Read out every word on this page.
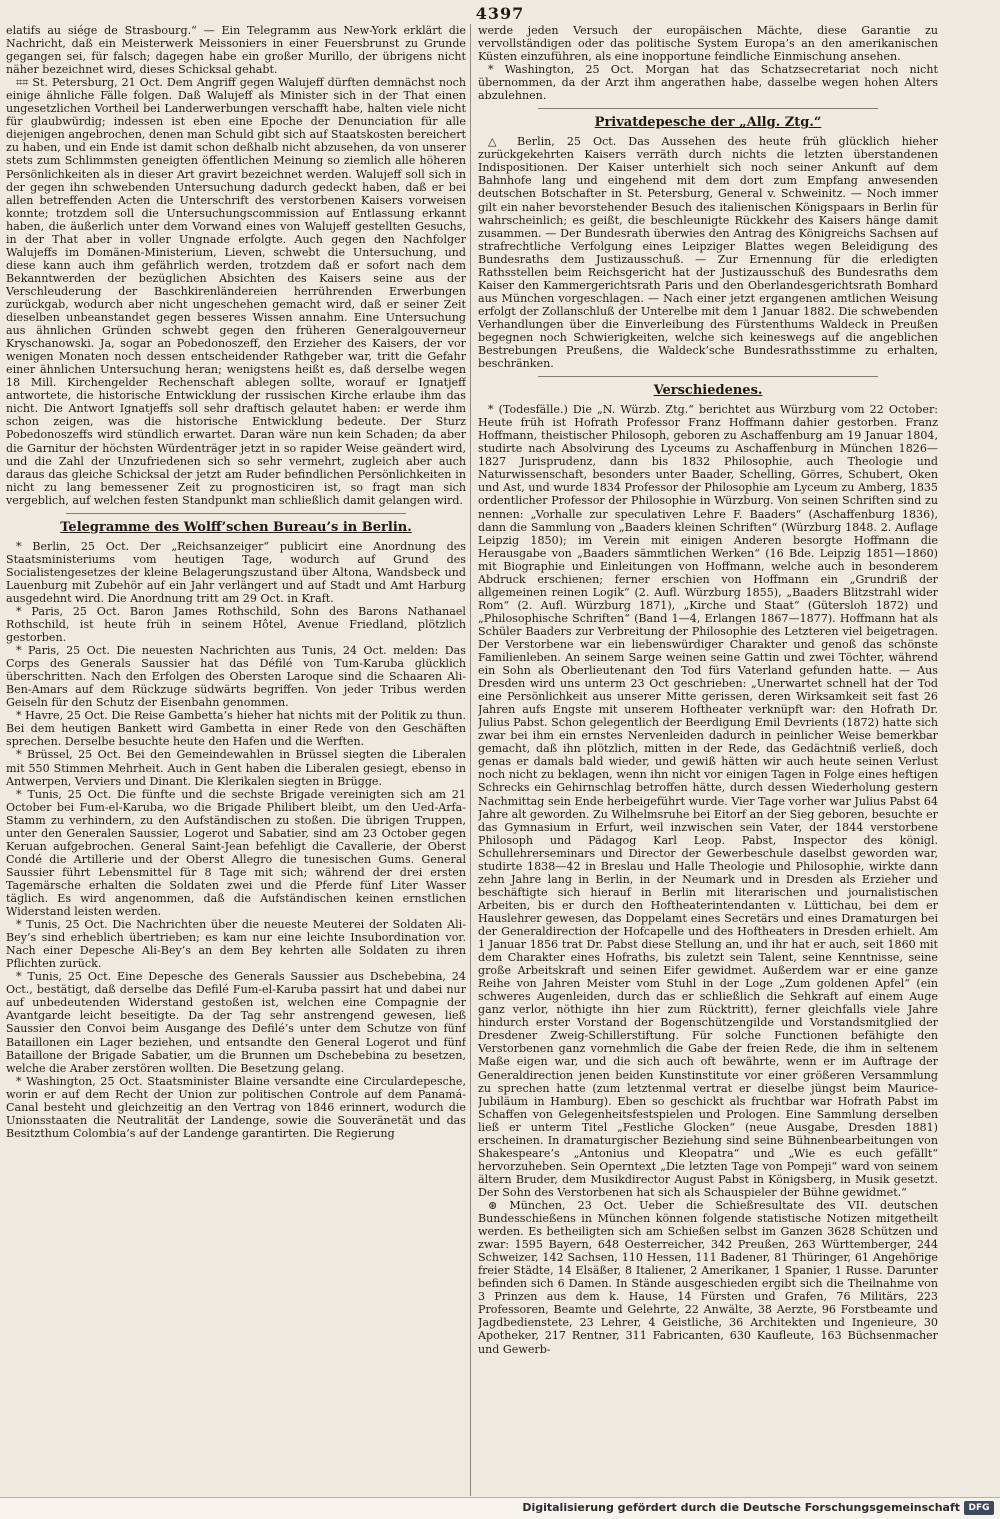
4397

elatifs au siége de Strasbourg.“ — Ein Telegramm aus New-York erklärt die Nachricht, daß ein Meisterwerk Meissoniers in einer Feuersbrunst zu Grunde gegangen sei, für falsch; dagegen habe ein großer Murillo, der übrigens nicht näher bezeichnet wird, dieses Schicksal gehabt.

⌗⌗ St. Petersburg, 21 Oct. Dem Angriff gegen Walujeff dürften demnächst noch einige ähnliche Fälle folgen. Daß Walujeff als Minister sich in der That einen ungesetzlichen Vortheil bei Landerwerbungen verschafft habe, halten viele nicht für glaubwürdig; indessen ist eben eine Epoche der Denunciation für alle diejenigen angebrochen, denen man Schuld gibt sich auf Staatskosten bereichert zu haben, und ein Ende ist damit schon deßhalb nicht abzusehen, da von unserer stets zum Schlimmsten geneigten öffentlichen Meinung so ziemlich alle höheren Persönlichkeiten als in dieser Art gravirt bezeichnet werden. Walujeff soll sich in der gegen ihn schwebenden Untersuchung dadurch gedeckt haben, daß er bei allen betreffenden Acten die Unterschrift des verstorbenen Kaisers vorweisen konnte; trotzdem soll die Untersuchungscommission auf Entlassung erkannt haben, die äußerlich unter dem Vorwand eines von Walujeff gestellten Gesuchs, in der That aber in voller Ungnade erfolgte. Auch gegen den Nachfolger Walujeffs im Domänen-Ministerium, Lieven, schwebt die Untersuchung, und diese kann auch ihm gefährlich werden, trotzdem daß er sofort nach dem Bekanntwerden der bezüglichen Absichten des Kaisers seine aus der Verschleuderung der Baschkirenländereien herrührenden Erwerbungen zurückgab, wodurch aber nicht ungeschehen gemacht wird, daß er seiner Zeit dieselben unbeanstandet gegen besseres Wissen annahm. Eine Untersuchung aus ähnlichen Gründen schwebt gegen den früheren Generalgouverneur Kryschanowski. Ja, sogar an Pobedonoszeff, den Erzieher des Kaisers, der vor wenigen Monaten noch dessen entscheidender Rathgeber war, tritt die Gefahr einer ähnlichen Untersuchung heran; wenigstens heißt es, daß derselbe wegen 18 Mill. Kirchengelder Rechenschaft ablegen sollte, worauf er Ignatjeff antwortete, die historische Entwicklung der russischen Kirche erlaube ihm das nicht. Die Antwort Ignatjeffs soll sehr draftisch gelautet haben: er werde ihm schon zeigen, was die historische Entwicklung bedeute. Der Sturz Pobedonoszeffs wird stündlich erwartet. Daran wäre nun kein Schaden; da aber die Garnitur der höchsten Würdenträger jetzt in so rapider Weise geändert wird, und die Zahl der Unzufriedenen sich so sehr vermehrt, zugleich aber auch daraus das gleiche Schicksal der jetzt am Ruder befindlichen Persönlichkeiten in nicht zu lang bemessener Zeit zu prognosticiren ist, so fragt man sich vergeblich, auf welchen festen Standpunkt man schließlich damit gelangen wird.

Telegramme des Wolff’schen Bureau’s in Berlin.

* Berlin, 25 Oct. Der „Reichsanzeiger“ publicirt eine Anordnung des Staatsministeriums vom heutigen Tage, wodurch auf Grund des Socialistengesetzes der kleine Belagerungszustand über Altona, Wandsbeck und Lauenburg mit Zubehör auf ein Jahr verlängert und auf Stadt und Amt Harburg ausgedehnt wird. Die Anordnung tritt am 29 Oct. in Kraft.

* Paris, 25 Oct. Baron James Rothschild, Sohn des Barons Nathanael Rothschild, ist heute früh in seinem Hôtel, Avenue Friedland, plötzlich gestorben.

* Paris, 25 Oct. Die neuesten Nachrichten aus Tunis, 24 Oct. melden: Das Corps des Generals Saussier hat das Défilé von Tum-Karuba glücklich überschritten. Nach den Erfolgen des Obersten Laroque sind die Schaaren Ali-Ben-Amars auf dem Rückzuge südwärts begriffen. Von jeder Tribus werden Geiseln für den Schutz der Eisenbahn genommen.

* Havre, 25 Oct. Die Reise Gambetta’s hieher hat nichts mit der Politik zu thun. Bei dem heutigen Bankett wird Gambetta in einer Rede von den Geschäften sprechen. Derselbe besuchte heute den Hafen und die Werften.

* Brüssel, 25 Oct. Bei den Gemeindewahlen in Brüssel siegten die Liberalen mit 550 Stimmen Mehrheit. Auch in Gent haben die Liberalen gesiegt, ebenso in Antwerpen, Verviers und Dinant. Die Klerikalen siegten in Brügge.

* Tunis, 25 Oct. Die fünfte und die sechste Brigade vereinigten sich am 21 October bei Fum-el-Karuba, wo die Brigade Philibert bleibt, um den Ued-Arfa-Stamm zu verhindern, zu den Aufständischen zu stoßen. Die übrigen Truppen, unter den Generalen Saussier, Logerot und Sabatier, sind am 23 October gegen Keruan aufgebrochen. General Saint-Jean befehligt die Cavallerie, der Oberst Condé die Artillerie und der Oberst Allegro die tunesischen Gums. General Saussier führt Lebensmittel für 8 Tage mit sich; während der drei ersten Tagemärsche erhalten die Soldaten zwei und die Pferde fünf Liter Wasser täglich. Es wird angenommen, daß die Aufständischen keinen ernstlichen Widerstand leisten werden.

* Tunis, 25 Oct. Die Nachrichten über die neueste Meuterei der Soldaten Ali-Bey’s sind erheblich übertrieben; es kam nur eine leichte Insubordination vor. Nach einer Depesche Ali-Bey’s an dem Bey kehrten alle Soldaten zu ihren Pflichten zurück.

* Tunis, 25 Oct. Eine Depesche des Generals Saussier aus Dschebebina, 24 Oct., bestätigt, daß derselbe das Defilé Fum-el-Karuba passirt hat und dabei nur auf unbedeutenden Widerstand gestoßen ist, welchen eine Compagnie der Avantgarde leicht beseitigte. Da der Tag sehr anstrengend gewesen, ließ Saussier den Convoi beim Ausgange des Defilé’s unter dem Schutze von fünf Bataillonen ein Lager beziehen, und entsandte den General Logerot und fünf Bataillone der Brigade Sabatier, um die Brunnen um Dschebebina zu besetzen, welche die Araber zerstören wollten. Die Besetzung gelang.

* Washington, 25 Oct. Staatsminister Blaine versandte eine Circulardepesche, worin er auf dem Recht der Union zur politischen Controle auf dem Panamá-Canal besteht und gleichzeitig an den Vertrag von 1846 erinnert, wodurch die Unionsstaaten die Neutralität der Landenge, sowie die Souveränetät und das Besitzthum Colombia’s auf der Landenge garantirten. Die Regierung

werde jeden Versuch der europäischen Mächte, diese Garantie zu vervollständigen oder das politische System Europa’s an den amerikanischen Küsten einzuführen, als eine inopportune feindliche Einmischung ansehen.

* Washington, 25 Oct. Morgan hat das Schatzsecretariat noch nicht übernommen, da der Arzt ihm angerathen habe, dasselbe wegen hohen Alters abzulehnen.

Privatdepesche der „Allg. Ztg.“

△ Berlin, 25 Oct. Das Aussehen des heute früh glücklich hieher zurückgekehrten Kaisers verräth durch nichts die letzten überstandenen Indispositionen. Der Kaiser unterhielt sich noch seiner Ankunft auf dem Bahnhofe lang und eingehend mit dem dort zum Empfang anwesenden deutschen Botschafter in St. Petersburg, General v. Schweinitz. — Noch immer gilt ein naher bevorstehender Besuch des italienischen Königspaars in Berlin für wahrscheinlich; es geißt, die beschleunigte Rückkehr des Kaisers hänge damit zusammen. — Der Bundesrath überwies den Antrag des Königreichs Sachsen auf strafrechtliche Verfolgung eines Leipziger Blattes wegen Beleidigung des Bundesraths dem Justizausschuß. — Zur Ernennung für die erledigten Rathsstellen beim Reichsgericht hat der Justizausschuß des Bundesraths dem Kaiser den Kammergerichtsrath Paris und den Oberlandesgerichtsrath Bomhard aus München vorgeschlagen. — Nach einer jetzt ergangenen amtlichen Weisung erfolgt der Zollanschluß der Unterelbe mit dem 1 Januar 1882. Die schwebenden Verhandlungen über die Einverleibung des Fürstenthums Waldeck in Preußen begegnen noch Schwierigkeiten, welche sich keineswegs auf die angeblichen Bestrebungen Preußens, die Waldeck’sche Bundesrathsstimme zu erhalten, beschränken.

Verschiedenes.

* (Todesfälle.) Die „N. Würzb. Ztg.“ berichtet aus Würzburg vom 22 October: Heute früh ist Hofrath Professor Franz Hoffmann dahier gestorben. Franz Hoffmann, theistischer Philosoph, geboren zu Aschaffenburg am 19 Januar 1804, studirte nach Absolvirung des Lyceums zu Aschaffenburg in München 1826—1827 Jurisprudenz, dann bis 1832 Philosophie, auch Theologie und Naturwissenschaft, besonders unter Baader, Schelling, Görres, Schubert, Oken und Ast, und wurde 1834 Professor der Philosophie am Lyceum zu Amberg, 1835 ordentlicher Professor der Philosophie in Würzburg. Von seinen Schriften sind zu nennen: „Vorhalle zur speculativen Lehre F. Baaders“ (Aschaffenburg 1836), dann die Sammlung von „Baaders kleinen Schriften“ (Würzburg 1848. 2. Auflage Leipzig 1850); im Verein mit einigen Anderen besorgte Hoffmann die Herausgabe von „Baaders sämmtlichen Werken“ (16 Bde. Leipzig 1851—1860) mit Biographie und Einleitungen von Hoffmann, welche auch in besonderem Abdruck erschienen; ferner erschien von Hoffmann ein „Grundriß der allgemeinen reinen Logik“ (2. Aufl. Würzburg 1855), „Baaders Blitzstrahl wider Rom“ (2. Aufl. Würzburg 1871), „Kirche und Staat“ (Gütersloh 1872) und „Philosophische Schriften“ (Band 1—4, Erlangen 1867—1877). Hoffmann hat als Schüler Baaders zur Verbreitung der Philosophie des Letzteren viel beigetragen. Der Verstorbene war ein liebenswürdiger Charakter und genoß das schönste Familienleben. An seinem Sarge weinen seine Gattin und zwei Töchter, während ein Sohn als Oberlieutenant den Tod fürs Vaterland gefunden hatte. — Aus Dresden wird uns unterm 23 Oct geschrieben: „Unerwartet schnell hat der Tod eine Persönlichkeit aus unserer Mitte gerissen, deren Wirksamkeit seit fast 26 Jahren aufs Engste mit unserem Hoftheater verknüpft war: den Hofrath Dr. Julius Pabst. Schon gelegentlich der Beerdigung Emil Devrients (1872) hatte sich zwar bei ihm ein ernstes Nervenleiden dadurch in peinlicher Weise bemerkbar gemacht, daß ihn plötzlich, mitten in der Rede, das Gedächtniß verließ, doch genas er damals bald wieder, und gewiß hätten wir auch heute seinen Verlust noch nicht zu beklagen, wenn ihn nicht vor einigen Tagen in Folge eines heftigen Schrecks ein Gehirnschlag betroffen hätte, durch dessen Wiederholung gestern Nachmittag sein Ende herbeigeführt wurde. Vier Tage vorher war Julius Pabst 64 Jahre alt geworden. Zu Wilhelmsruhe bei Eitorf an der Sieg geboren, besuchte er das Gymnasium in Erfurt, weil inzwischen sein Vater, der 1844 verstorbene Philosoph und Pädagog Karl Leop. Pabst, Inspector des königl. Schullehrerseminars und Director der Gewerbeschule daselbst geworden war, studirte 1838—42 in Breslau und Halle Theologie und Philosophie, wirkte dann zehn Jahre lang in Berlin, in der Neumark und in Dresden als Erzieher und beschäftigte sich hierauf in Berlin mit literarischen und journalistischen Arbeiten, bis er durch den Hoftheaterintendanten v. Lüttichau, bei dem er Hauslehrer gewesen, das Doppelamt eines Secretärs und eines Dramaturgen bei der Generaldirection der Hofcapelle und des Hoftheaters in Dresden erhielt. Am 1 Januar 1856 trat Dr. Pabst diese Stellung an, und ihr hat er auch, seit 1860 mit dem Charakter eines Hofraths, bis zuletzt sein Talent, seine Kenntnisse, seine große Arbeitskraft und seinen Eifer gewidmet. Außerdem war er eine ganze Reihe von Jahren Meister vom Stuhl in der Loge „Zum goldenen Apfel“ (ein schweres Augenleiden, durch das er schließlich die Sehkraft auf einem Auge ganz verlor, nöthigte ihn hier zum Rücktritt), ferner gleichfalls viele Jahre hindurch erster Vorstand der Bogenschützengilde und Vorstandsmitglied der Dresdener Zweig-Schillerstiftung. Für solche Functionen befähigte den Verstorbenen ganz vornehmlich die Gabe der freien Rede, die ihm in seltenem Maße eigen war, und die sich auch oft bewährte, wenn er im Auftrage der Generaldirection jenen beiden Kunstinstitute vor einer größeren Versammlung zu sprechen hatte (zum letztenmal vertrat er dieselbe jüngst beim Maurice-Jubiläum in Hamburg). Eben so geschickt als fruchtbar war Hofrath Pabst im Schaffen von Gelegenheitsfestspielen und Prologen. Eine Sammlung derselben ließ er unterm Titel „Festliche Glocken“ (neue Ausgabe, Dresden 1881) erscheinen. In dramaturgischer Beziehung sind seine Bühnenbearbeitungen von Shakespeare’s „Antonius und Kleopatra“ und „Wie es euch gefällt“ hervorzuheben. Sein Operntext „Die letzten Tage von Pompeji“ ward von seinem ältern Bruder, dem Musikdirector August Pabst in Königsberg, in Musik gesetzt. Der Sohn des Verstorbenen hat sich als Schauspieler der Bühne gewidmet.“

⊛ München, 23 Oct. Ueber die Schießresultate des VII. deutschen Bundesschießens in München können folgende statistische Notizen mitgetheilt werden. Es betheiligten sich am Schießen selbst im Ganzen 3628 Schützen und zwar: 1595 Bayern, 648 Oesterreicher, 342 Preußen, 263 Württemberger, 244 Schweizer, 142 Sachsen, 110 Hessen, 111 Badener, 81 Thüringer, 61 Angehörige freier Städte, 14 Elsäßer, 8 Italiener, 2 Amerikaner, 1 Spanier, 1 Russe. Darunter befinden sich 6 Damen. In Stände ausgeschieden ergibt sich die Theilnahme von 3 Prinzen aus dem k. Hause, 14 Fürsten und Grafen, 76 Militärs, 223 Professoren, Beamte und Gelehrte, 22 Anwälte, 38 Aerzte, 96 Forstbeamte und Jagdbedienstete, 23 Lehrer, 4 Geistliche, 36 Architekten und Ingenieure, 30 Apotheker, 217 Rentner, 311 Fabricanten, 630 Kaufleute, 163 Büchsenmacher und Gewerb-

Digitalisierung gefördert durch die Deutsche Forschungsgemeinschaft DFG
